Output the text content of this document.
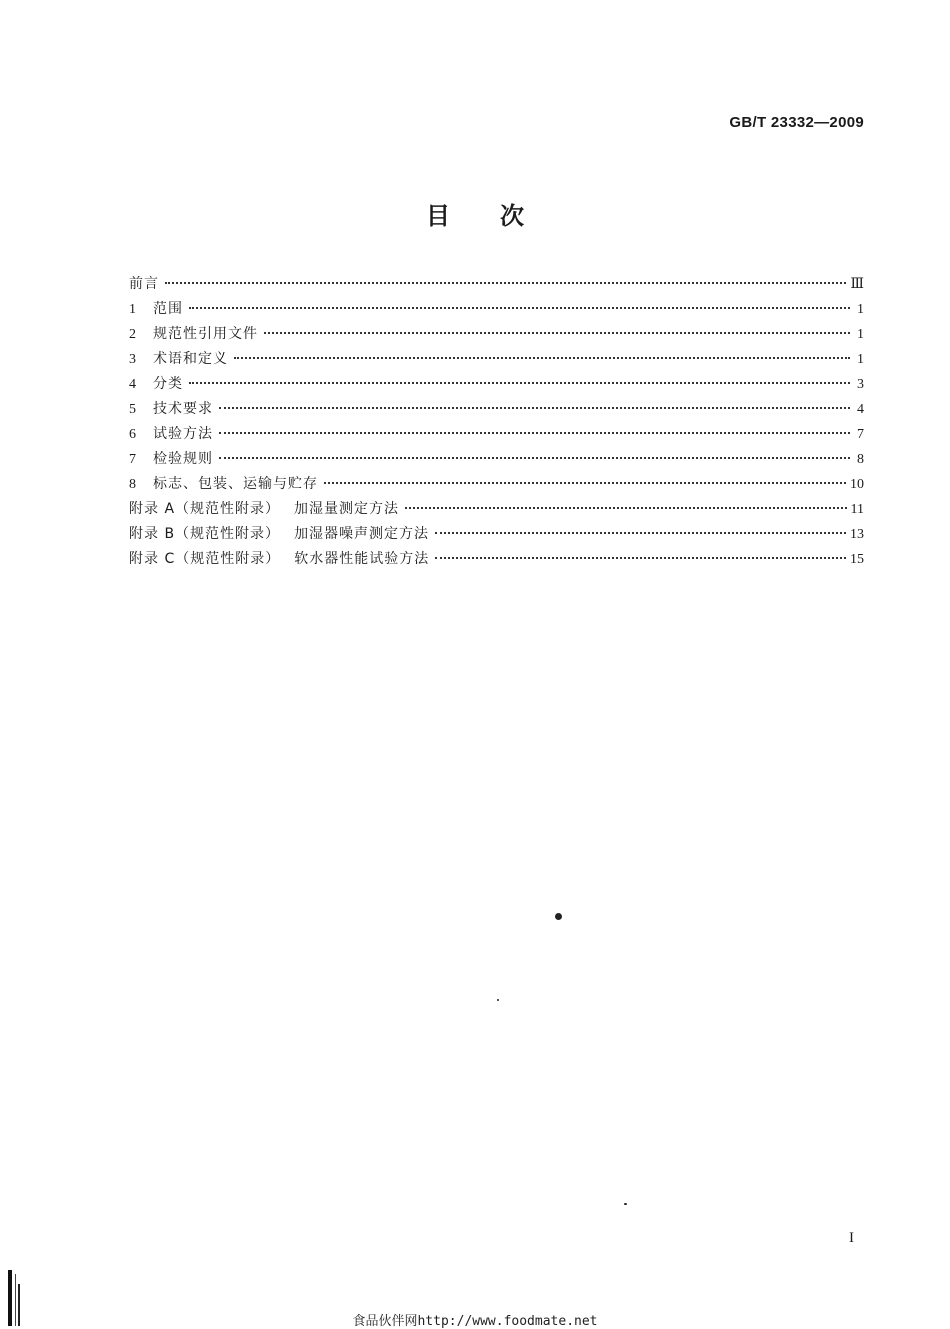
GB/T 23332—2009
目 次
前言	Ⅲ
1	范围	1
2	规范性引用文件	1
3	术语和定义	1
4	分类	3
5	技术要求	4
6	试验方法	7
7	检验规则	8
8	标志、包装、运输与贮存	10
附录 A（规范性附录） 加湿量测定方法	11
附录 B（规范性附录） 加湿器噪声测定方法	13
附录 C（规范性附录） 软水器性能试验方法	15
I
食品伙伴网http://www.foodmate.net
